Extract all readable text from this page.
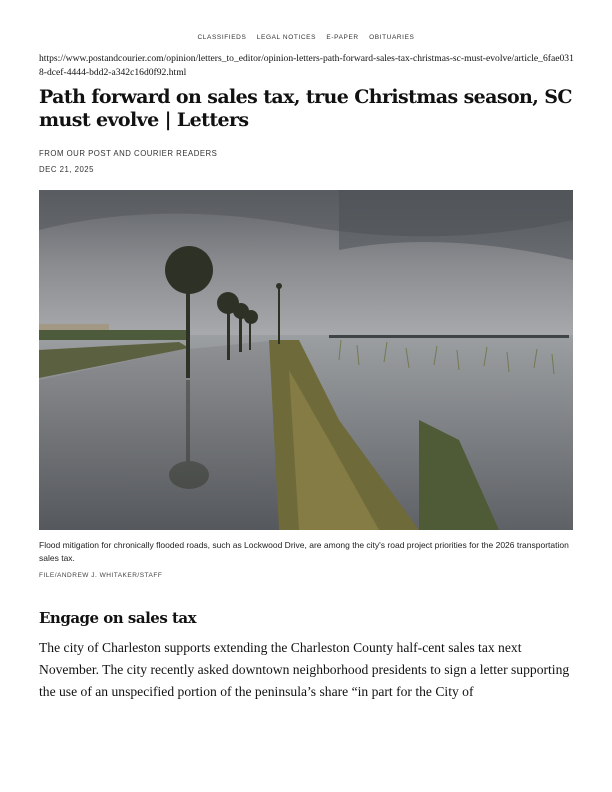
CLASSIFIEDS LEGAL NOTICES E-PAPER OBITUARIES
https://www.postandcourier.com/opinion/letters_to_editor/opinion-letters-path-forward-sales-tax-christmas-sc-must-evolve/article_6fae0318-dcef-4444-bdd2-a342c16d0f92.html
Path forward on sales tax, true Christmas season, SC must evolve | Letters
FROM OUR POST AND COURIER READERS
DEC 21, 2025
Flood mitigation for chronically flooded roads, such as Lockwood Drive, are among the city's road project priorities for the 2026 transportation sales tax.
FILE/ANDREW J. WHITAKER/STAFF
Engage on sales tax

The city of Charleston supports extending the Charleston County half-cent sales tax next November. The city recently asked downtown neighborhood presidents to sign a letter supporting the use of an unspecified portion of the peninsula’s share “in part for the City of
